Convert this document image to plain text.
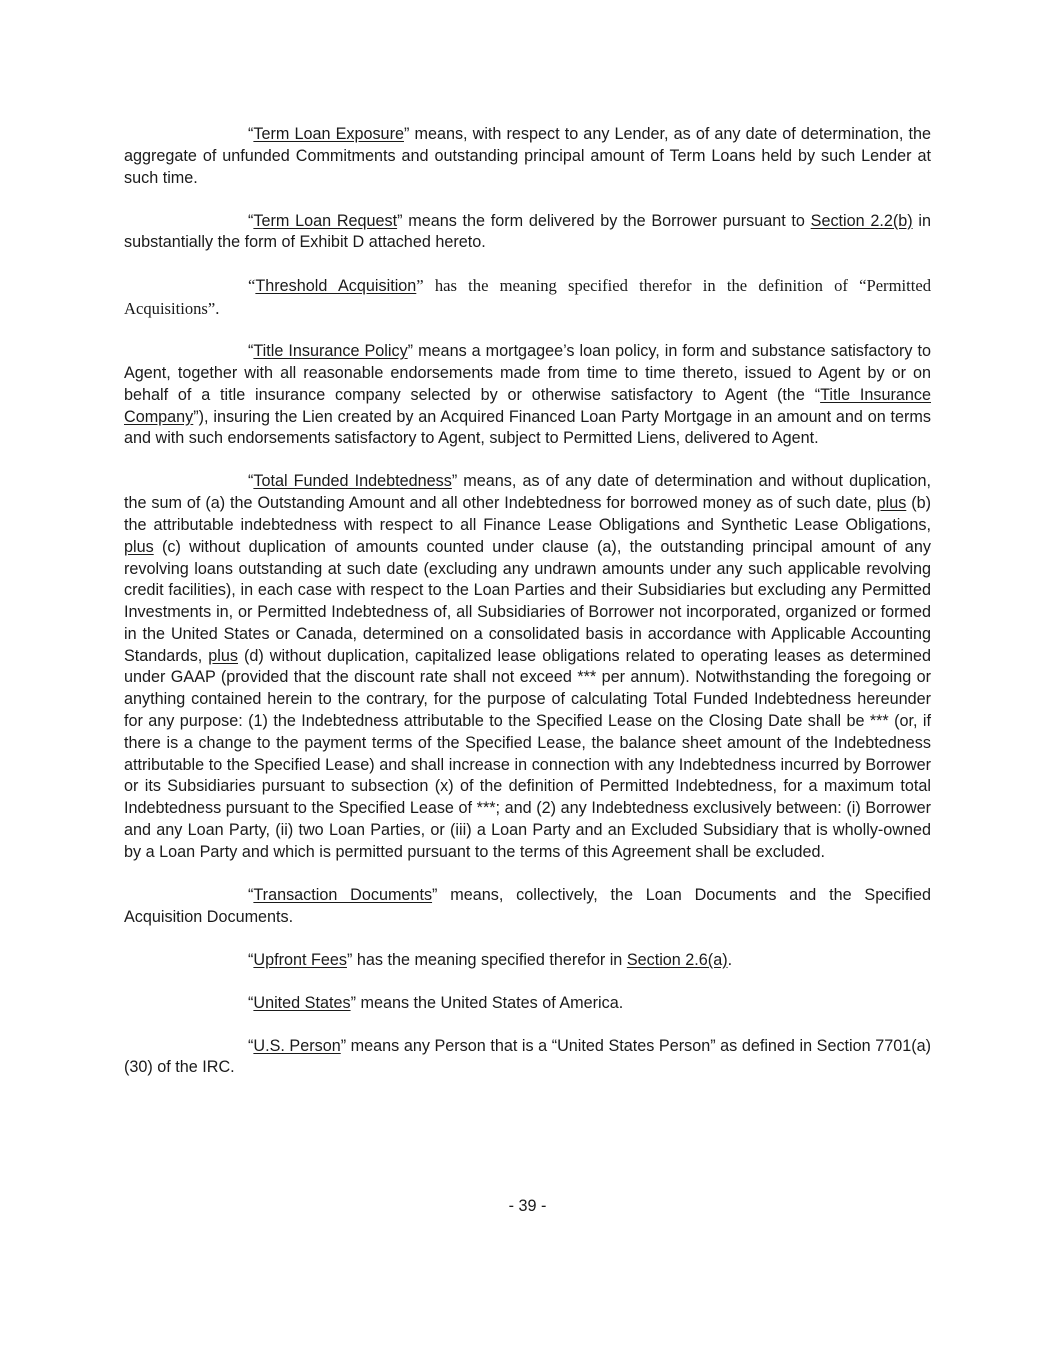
“Term Loan Exposure” means, with respect to any Lender, as of any date of determination, the aggregate of unfunded Commitments and outstanding principal amount of Term Loans held by such Lender at such time.

“Term Loan Request” means the form delivered by the Borrower pursuant to Section 2.2(b) in substantially the form of Exhibit D attached hereto.

“Threshold Acquisition” has the meaning specified therefor in the definition of “Permitted Acquisitions”.

“Title Insurance Policy” means a mortgagee’s loan policy, in form and substance satisfactory to Agent, together with all reasonable endorsements made from time to time thereto, issued to Agent by or on behalf of a title insurance company selected by or otherwise satisfactory to Agent (the “Title Insurance Company”), insuring the Lien created by an Acquired Financed Loan Party Mortgage in an amount and on terms and with such endorsements satisfactory to Agent, subject to Permitted Liens, delivered to Agent.

“Total Funded Indebtedness” means, as of any date of determination and without duplication, the sum of (a) the Outstanding Amount and all other Indebtedness for borrowed money as of such date, plus (b) the attributable indebtedness with respect to all Finance Lease Obligations and Synthetic Lease Obligations, plus (c) without duplication of amounts counted under clause (a), the outstanding principal amount of any revolving loans outstanding at such date (excluding any undrawn amounts under any such applicable revolving credit facilities), in each case with respect to the Loan Parties and their Subsidiaries but excluding any Permitted Investments in, or Permitted Indebtedness of, all Subsidiaries of Borrower not incorporated, organized or formed in the United States or Canada, determined on a consolidated basis in accordance with Applicable Accounting Standards, plus (d) without duplication, capitalized lease obligations related to operating leases as determined under GAAP (provided that the discount rate shall not exceed *** per annum). Notwithstanding the foregoing or anything contained herein to the contrary, for the purpose of calculating Total Funded Indebtedness hereunder for any purpose: (1) the Indebtedness attributable to the Specified Lease on the Closing Date shall be *** (or, if there is a change to the payment terms of the Specified Lease, the balance sheet amount of the Indebtedness attributable to the Specified Lease) and shall increase in connection with any Indebtedness incurred by Borrower or its Subsidiaries pursuant to subsection (x) of the definition of Permitted Indebtedness, for a maximum total Indebtedness pursuant to the Specified Lease of ***; and (2) any Indebtedness exclusively between: (i) Borrower and any Loan Party, (ii) two Loan Parties, or (iii) a Loan Party and an Excluded Subsidiary that is wholly-owned by a Loan Party and which is permitted pursuant to the terms of this Agreement shall be excluded.

“Transaction Documents” means, collectively, the Loan Documents and the Specified Acquisition Documents.

“Upfront Fees” has the meaning specified therefor in Section 2.6(a).

“United States” means the United States of America.

“U.S. Person” means any Person that is a “United States Person” as defined in Section 7701(a)(30) of the IRC.

- 39 -
